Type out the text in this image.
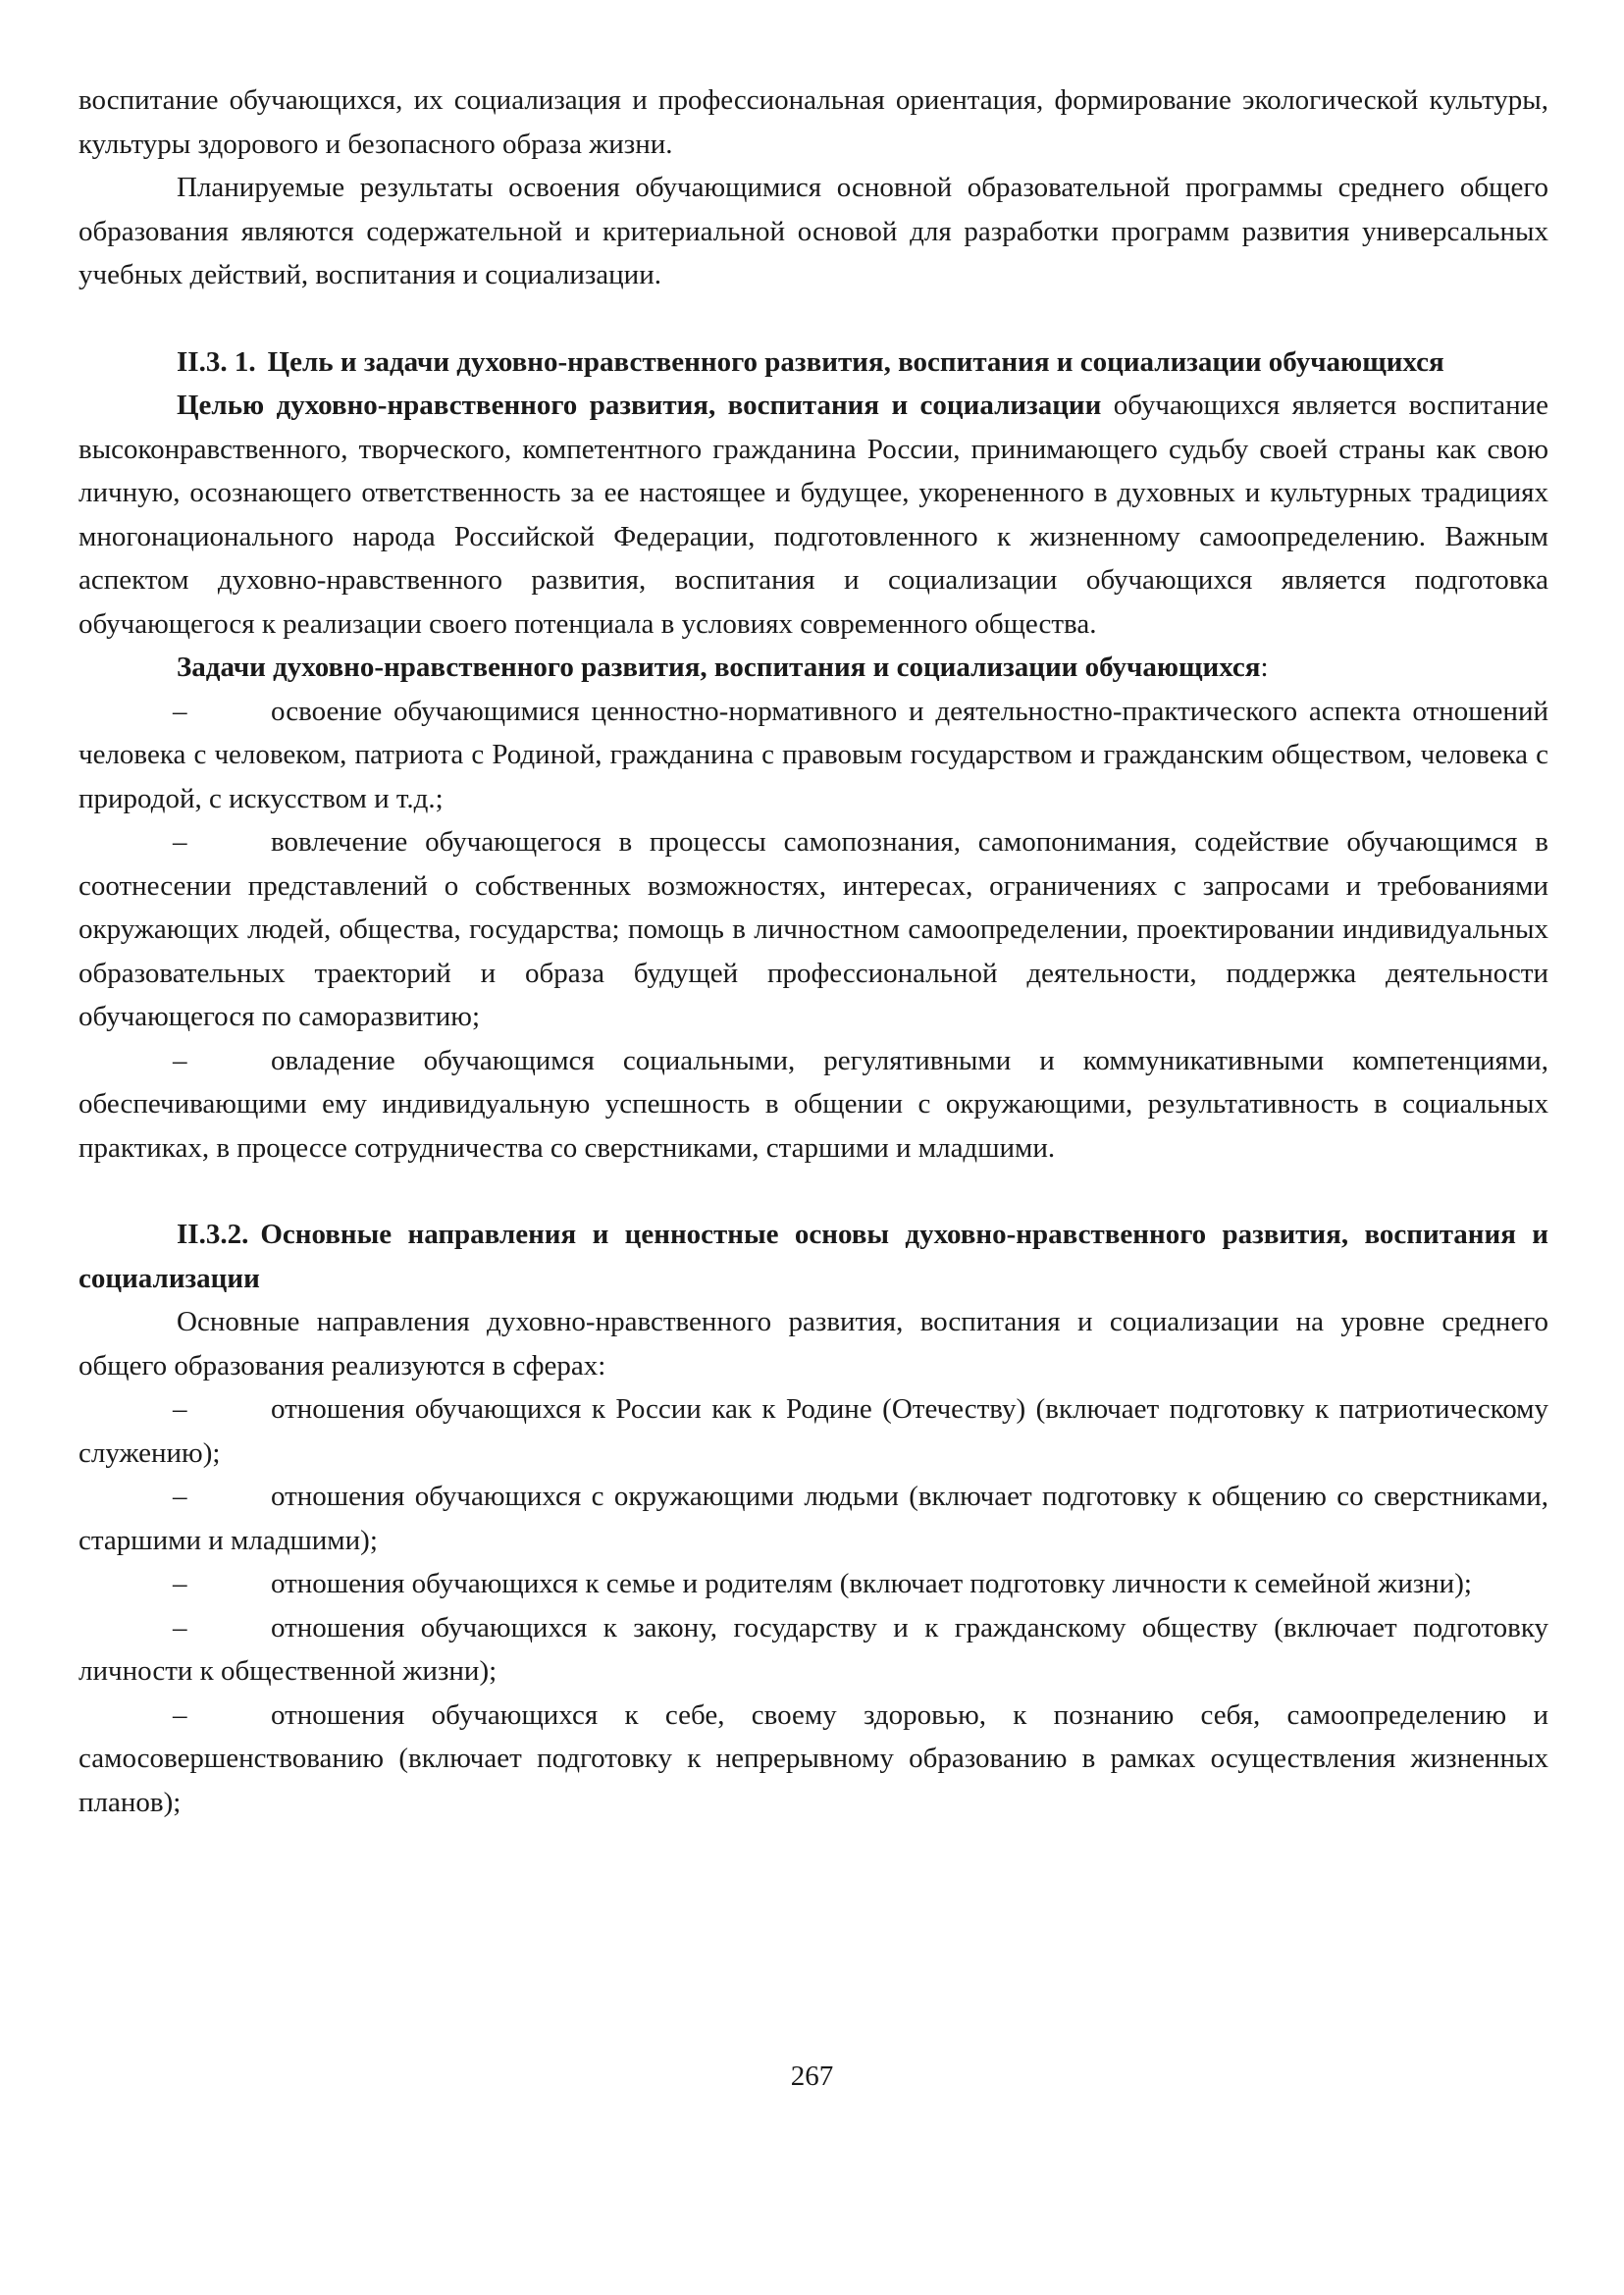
воспитание обучающихся, их социализация и профессиональная ориентация, формирование экологической культуры, культуры здорового и безопасного образа жизни.

Планируемые результаты освоения обучающимися основной образовательной программы среднего общего образования являются содержательной и критериальной основой для разработки программ развития универсальных учебных действий, воспитания и социализации.

II.3. 1. Цель и задачи духовно-нравственного развития, воспитания и социализации обучающихся

Целью духовно-нравственного развития, воспитания и социализации обучающихся является воспитание высоконравственного, творческого, компетентного гражданина России, принимающего судьбу своей страны как свою личную, осознающего ответственность за ее настоящее и будущее, укорененного в духовных и культурных традициях многонационального народа Российской Федерации, подготовленного к жизненному самоопределению. Важным аспектом духовно-нравственного развития, воспитания и социализации обучающихся является подготовка обучающегося к реализации своего потенциала в условиях современного общества.

Задачи духовно-нравственного развития, воспитания и социализации обучающихся:

–	освоение обучающимися ценностно-нормативного и деятельностно-практического аспекта отношений человека с человеком, патриота с Родиной, гражданина с правовым государством и гражданским обществом, человека с природой, с искусством и т.д.;

–	вовлечение обучающегося в процессы самопознания, самопонимания, содействие обучающимся в соотнесении представлений о собственных возможностях, интересах, ограничениях с запросами и требованиями окружающих людей, общества, государства; помощь в личностном самоопределении, проектировании индивидуальных образовательных траекторий и образа будущей профессиональной деятельности, поддержка деятельности обучающегося по саморазвитию;

–	овладение обучающимся социальными, регулятивными и коммуникативными компетенциями, обеспечивающими ему индивидуальную успешность в общении с окружающими, результативность в социальных практиках, в процессе сотрудничества со сверстниками, старшими и младшими.

II.3.2. Основные направления и ценностные основы духовно-нравственного развития, воспитания и социализации

Основные направления духовно-нравственного развития, воспитания и социализации на уровне среднего общего образования реализуются в сферах:

–	отношения обучающихся к России как к Родине (Отечеству) (включает подготовку к патриотическому служению);

–	отношения обучающихся с окружающими людьми (включает подготовку к общению со сверстниками, старшими и младшими);

–	отношения обучающихся к семье и родителям (включает подготовку личности к семейной жизни);

–	отношения обучающихся к закону, государству и к гражданскому обществу (включает подготовку личности к общественной жизни);

–	отношения обучающихся к себе, своему здоровью, к познанию себя, самоопределению и самосовершенствованию (включает подготовку к непрерывному образованию в рамках осуществления жизненных планов);

267
